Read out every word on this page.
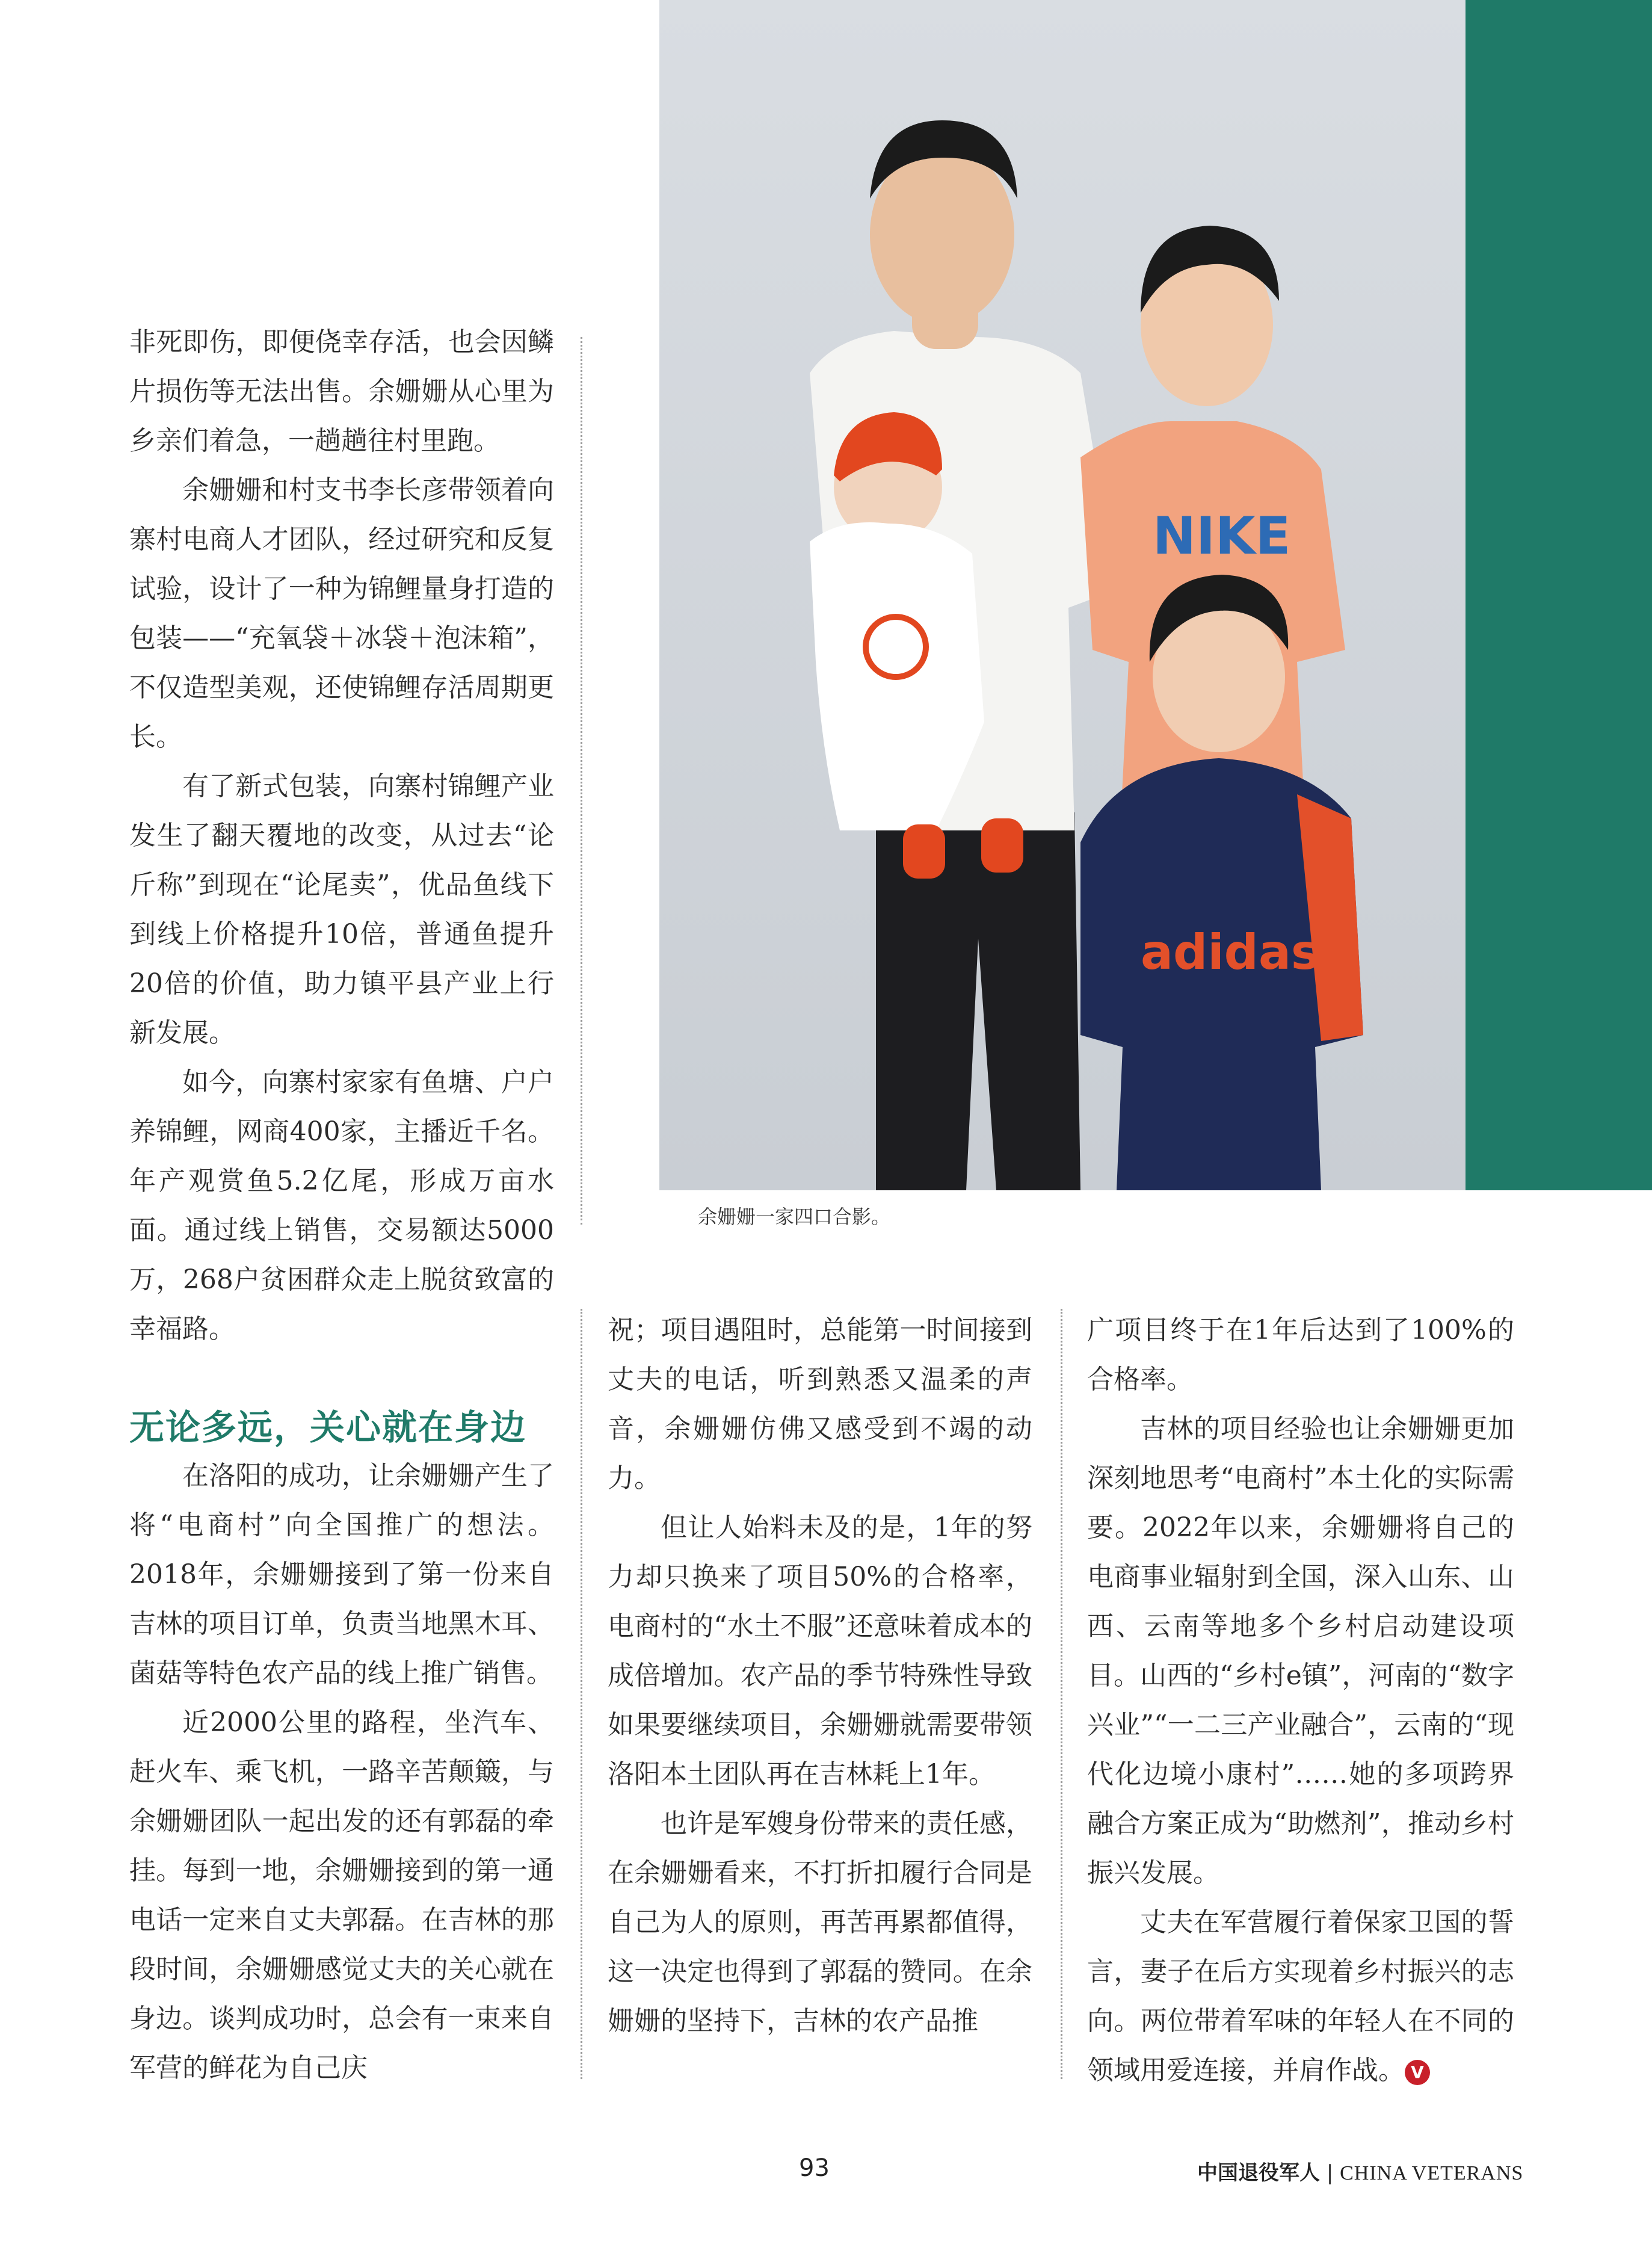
NIKE
adidas
余姗姗一家四口合影。

非死即伤，即便侥幸存活，也会因鳞片损伤等无法出售。余姗姗从心里为乡亲们着急，一趟趟往村里跑。

余姗姗和村支书李长彦带领着向寨村电商人才团队，经过研究和反复试验，设计了一种为锦鲤量身打造的包装——“充氧袋＋冰袋＋泡沫箱”，不仅造型美观，还使锦鲤存活周期更长。

有了新式包装，向寨村锦鲤产业发生了翻天覆地的改变，从过去“论斤称”到现在“论尾卖”，优品鱼线下到线上价格提升10倍，普通鱼提升20倍的价值，助力镇平县产业上行新发展。

如今，向寨村家家有鱼塘、户户养锦鲤，网商400家，主播近千名。年产观赏鱼5.2亿尾，形成万亩水面。通过线上销售，交易额达5000万，268户贫困群众走上脱贫致富的幸福路。

无论多远，关心就在身边

在洛阳的成功，让余姗姗产生了将“电商村”向全国推广的想法。2018年，余姗姗接到了第一份来自吉林的项目订单，负责当地黑木耳、菌菇等特色农产品的线上推广销售。

近2000公里的路程，坐汽车、赶火车、乘飞机，一路辛苦颠簸，与余姗姗团队一起出发的还有郭磊的牵挂。每到一地，余姗姗接到的第一通电话一定来自丈夫郭磊。在吉林的那段时间，余姗姗感觉丈夫的关心就在身边。谈判成功时，总会有一束来自军营的鲜花为自己庆

祝；项目遇阻时，总能第一时间接到丈夫的电话，听到熟悉又温柔的声音，余姗姗仿佛又感受到不竭的动力。

但让人始料未及的是，1年的努力却只换来了项目50%的合格率，电商村的“水土不服”还意味着成本的成倍增加。农产品的季节特殊性导致如果要继续项目，余姗姗就需要带领洛阳本土团队再在吉林耗上1年。

也许是军嫂身份带来的责任感，在余姗姗看来，不打折扣履行合同是自己为人的原则，再苦再累都值得，这一决定也得到了郭磊的赞同。在余姗姗的坚持下，吉林的农产品推

广项目终于在1年后达到了100%的合格率。

吉林的项目经验也让余姗姗更加深刻地思考“电商村”本土化的实际需要。2022年以来，余姗姗将自己的电商事业辐射到全国，深入山东、山西、云南等地多个乡村启动建设项目。山西的“乡村e镇”，河南的“数字兴业”“一二三产业融合”，云南的“现代化边境小康村”……她的多项跨界融合方案正成为“助燃剂”，推动乡村振兴发展。

丈夫在军营履行着保家卫国的誓言，妻子在后方实现着乡村振兴的志向。两位带着军味的年轻人在不同的领域用爱连接，并肩作战。 V

93	中国退役军人 | CHINA VETERANS
